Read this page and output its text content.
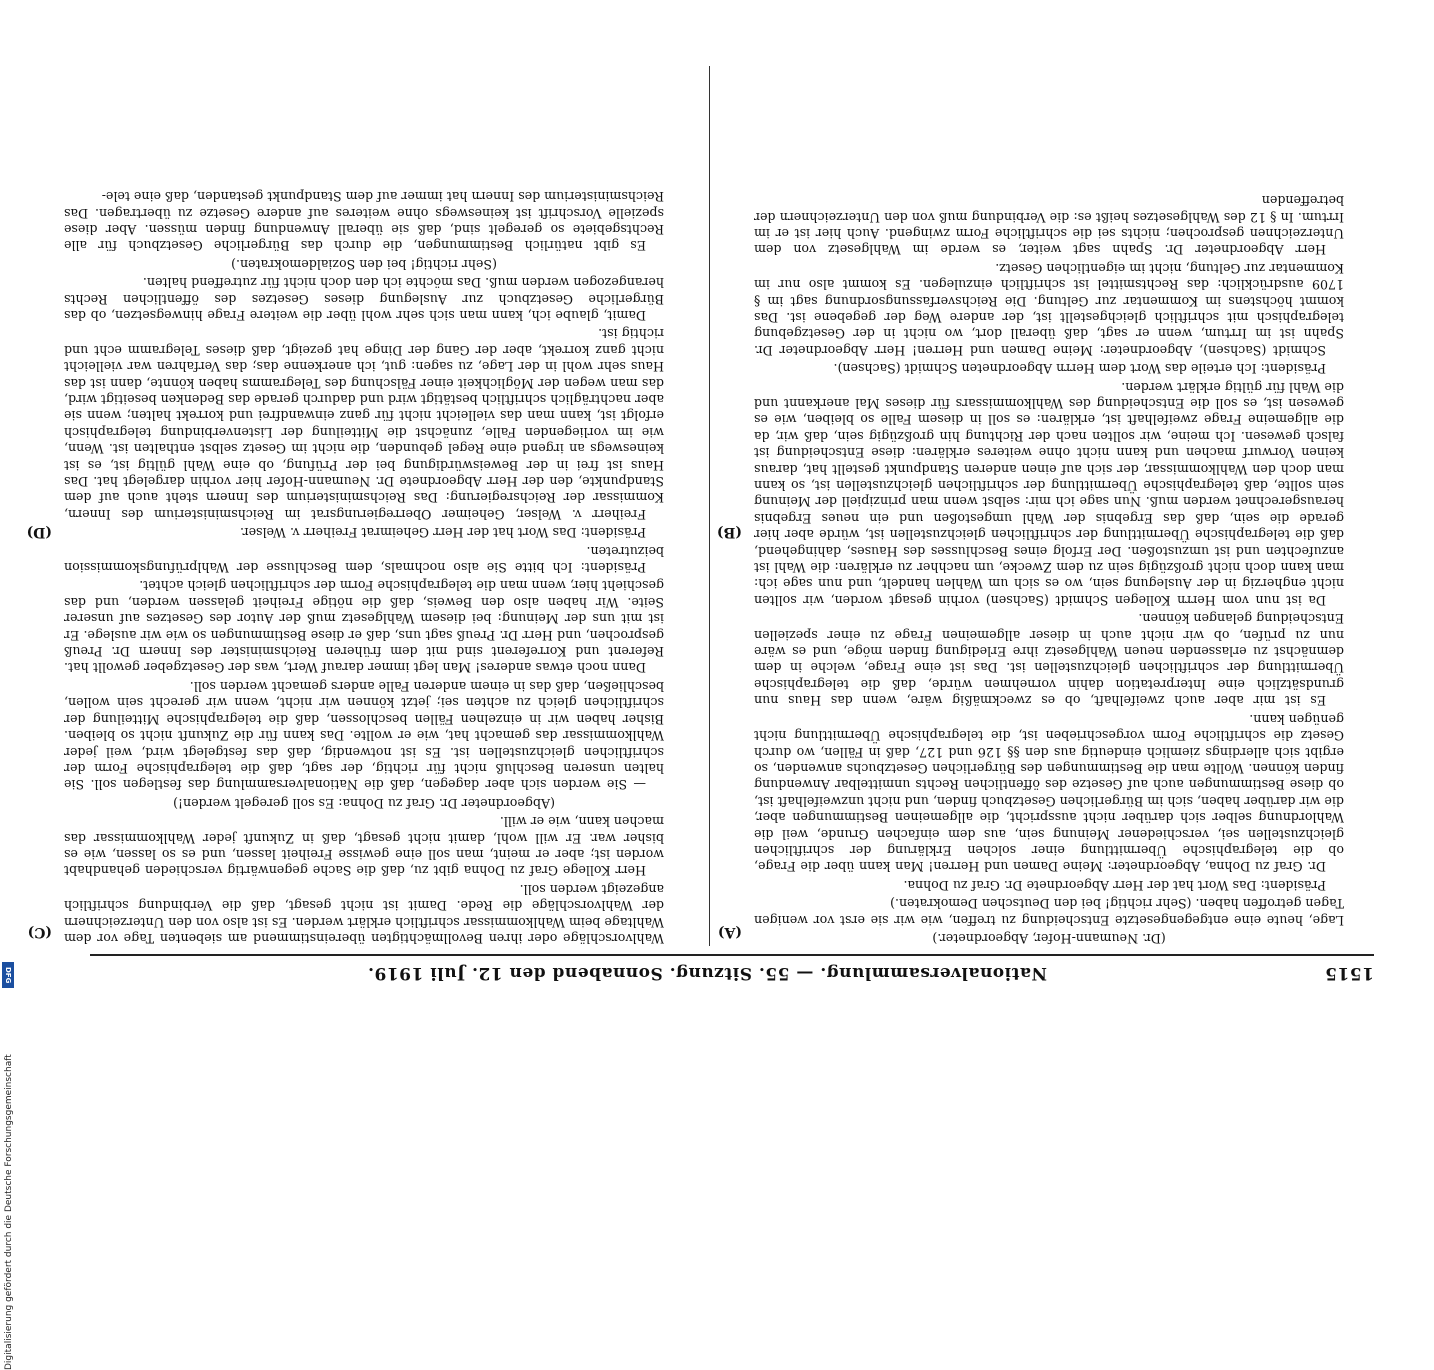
1515
Nationalversammlung. — 55. Sitzung. Sonnabend den 12. Juli 1919.

(Dr. Neumann-Hofer, Abgeordneter.)

Lage, heute eine entgegengesetzte Entscheidung zu treffen, wie wir sie erst vor wenigen Tagen getroffen haben. (Sehr richtig! bei den Deutschen Demokraten.)

Präsident: Das Wort hat der Herr Abgeordnete Dr. Graf zu Dohna.

Dr. Graf zu Dohna, Abgeordneter: Meine Damen und Herren! Man kann über die Frage, ob die telegraphische Übermittlung einer solchen Erklärung der schriftlichen gleichzustellen sei, verschiedener Meinung sein, aus dem einfachen Grunde, weil die Wahlordnung selber sich darüber nicht ausspricht, die allgemeinen Bestimmungen aber, die wir darüber haben, sich im Bürgerlichen Gesetzbuch finden, und nicht unzweifelhaft ist, ob diese Bestimmungen auch auf Gesetze des öffentlichen Rechts unmittelbar Anwendung finden können. Wollte man die Bestimmungen des Bürgerlichen Gesetzbuchs anwenden, so ergibt sich allerdings ziemlich eindeutig aus den §§ 126 und 127, daß in Fällen, wo durch Gesetz die schriftliche Form vorgeschrieben ist, die telegraphische Übermittlung nicht genügen kann.

Es ist mir aber auch zweifelhaft, ob es zweckmäßig wäre, wenn das Haus nun grundsätzlich eine Interpretation dahin vornehmen würde, daß die telegraphische Übermittlung der schriftlichen gleichzustellen ist. Das ist eine Frage, welche in dem demnächst zu erlassenden neuen Wahlgesetz ihre Erledigung finden möge, und es wäre nun zu prüfen, ob wir nicht auch in dieser allgemeinen Frage zu einer speziellen Entscheidung gelangen können.

Da ist nun vom Herrn Kollegen Schmidt (Sachsen) vorhin gesagt worden, wir sollten nicht engherzig in der Auslegung sein, wo es sich um Wahlen handelt, und nun sage ich: man kann doch nicht großzügig sein zu dem Zwecke, um nachher zu erklären: die Wahl ist anzufechten und ist umzustoßen. Der Erfolg eines Beschlusses des Hauses, dahingehend, daß die telegraphische Übermittlung der schriftlichen gleichzustellen ist, würde aber hier gerade die sein, daß das Ergebnis der Wahl umgestoßen und ein neues Ergebnis herausgerechnet werden muß. Nun sage ich mir: selbst wenn man prinzipiell der Meinung sein sollte, daß telegraphische Übermittlung der schriftlichen gleichzustellen ist, so kann man doch den Wahlkommissar, der sich auf einen anderen Standpunkt gestellt hat, daraus keinen Vorwurf machen und kann nicht ohne weiteres erklären: diese Entscheidung ist falsch gewesen. Ich meine, wir sollten nach der Richtung hin großzügig sein, daß wir, da die allgemeine Frage zweifelhaft ist, erklären: es soll in diesem Falle so bleiben, wie es gewesen ist, es soll die Entscheidung des Wahlkommissars für dieses Mal anerkannt und die Wahl für gültig erklärt werden.

Präsident: Ich erteile das Wort dem Herrn Abgeordneten Schmidt (Sachsen).

Schmidt (Sachsen), Abgeordneter: Meine Damen und Herren! Herr Abgeordneter Dr. Spahn ist im Irrtum, wenn er sagt, daß überall dort, wo nicht in der Gesetzgebung telegraphisch mit schriftlich gleichgestellt ist, der andere Weg der gegebene ist. Das kommt höchstens im Kommentar zur Geltung. Die Reichsverfassungsordnung sagt im § 1709 ausdrücklich: das Rechtsmittel ist schriftlich einzulegen. Es kommt also nur im Kommentar zur Geltung, nicht im eigentlichen Gesetz.

Herr Abgeordneter Dr. Spahn sagt weiter, es werde im Wahlgesetz von dem Unterzeichnen gesprochen; nichts sei die schriftliche Form zwingend. Auch hier ist er im Irrtum. In § 12 des Wahlgesetzes heißt es: die Verbindung muß von den Unterzeichnern der betreffenden

Wahlvorschläge oder ihren Bevollmächtigten übereinstimmend am siebenten Tage vor dem Wahltage beim Wahlkommissar schriftlich erklärt werden. Es ist also von den Unterzeichnern der Wahlvorschläge die Rede. Damit ist nicht gesagt, daß die Verbindung schriftlich angezeigt werden soll.

Herr Kollege Graf zu Dohna gibt zu, daß die Sache gegenwärtig verschieden gehandhabt worden ist; aber er meint, man soll eine gewisse Freiheit lassen, und es so lassen, wie es bisher war. Er will wohl, damit nicht gesagt, daß in Zukunft jeder Wahlkommissar das machen kann, wie er will.

(Abgeordneter Dr. Graf zu Dohna: Es soll geregelt werden!)

— Sie werden sich aber dagegen, daß die Nationalversammlung das festlegen soll. Sie halten unseren Beschluß nicht für richtig, der sagt, daß die telegraphische Form der schriftlichen gleichzustellen ist. Es ist notwendig, daß das festgelegt wird, weil jeder Wahlkommissar das gemacht hat, wie er wollte. Das kann für die Zukunft nicht so bleiben. Bisher haben wir in einzelnen Fällen beschlossen, daß die telegraphische Mitteilung der schriftlichen gleich zu achten sei; jetzt können wir nicht, wenn wir gerecht sein wollen, beschließen, daß das in einem anderen Falle anders gemacht werden soll.

Dann noch etwas anderes! Man legt immer darauf Wert, was der Gesetzgeber gewollt hat. Referent und Korreferent sind mit dem früheren Reichsminister des Innern Dr. Preuß gesprochen, und Herr Dr. Preuß sagt uns, daß er diese Bestimmungen so wie wir auslege. Er ist mit uns der Meinung: bei diesem Wahlgesetz muß der Autor des Gesetzes auf unserer Seite. Wir haben also den Beweis, daß die nötige Freiheit gelassen werden, und das geschieht hier, wenn man die telegraphische Form der schriftlichen gleich achtet.

Präsident: Ich bitte Sie also nochmals, dem Beschlusse der Wahlprüfungskommission beizutreten.

Präsident: Das Wort hat der Herr Geheimrat Freiherr v. Welser.

Freiherr v. Welser, Geheimer Oberregierungsrat im Reichsministerium des Innern, Kommissar der Reichsregierung: Das Reichsministerium des Innern steht auch auf dem Standpunkte, den der Herr Abgeordnete Dr. Neumann-Hofer hier vorhin dargelegt hat. Das Haus ist frei in der Beweiswürdigung bei der Prüfung, ob eine Wahl gültig ist, es ist keineswegs an irgend eine Regel gebunden, die nicht im Gesetz selbst enthalten ist. Wenn, wie im vorliegenden Falle, zunächst die Mitteilung der Listenverbindung telegraphisch erfolgt ist, kann man das vielleicht nicht für ganz einwandfrei und korrekt halten; wenn sie aber nachträglich schriftlich bestätigt wird und dadurch gerade das Bedenken beseitigt wird, das man wegen der Möglichkeit einer Fälschung des Telegramms haben könnte, dann ist das Haus sehr wohl in der Lage, zu sagen: gut, ich anerkenne das; das Verfahren war vielleicht nicht ganz korrekt, aber der Gang der Dinge hat gezeigt, daß dieses Telegramm echt und richtig ist.

Damit, glaube ich, kann man sich sehr wohl über die weitere Frage hinwegsetzen, ob das Bürgerliche Gesetzbuch zur Auslegung dieses Gesetzes des öffentlichen Rechts herangezogen werden muß. Das möchte ich den doch nicht für zutreffend halten.

(Sehr richtig! bei den Sozialdemokraten.)

Es gibt natürlich Bestimmungen, die durch das Bürgerliche Gesetzbuch für alle Rechtsgebiete so geregelt sind, daß sie überall Anwendung finden müssen. Aber diese spezielle Vorschrift ist keineswegs ohne weiteres auf andere Gesetze zu übertragen. Das Reichsministerium des Innern hat immer auf dem Standpunkt gestanden, daß eine tele-

(A)
(B)
(C)
(D)
Digitalisierung gefördert durch die Deutsche Forschungsgemeinschaft
DFG
